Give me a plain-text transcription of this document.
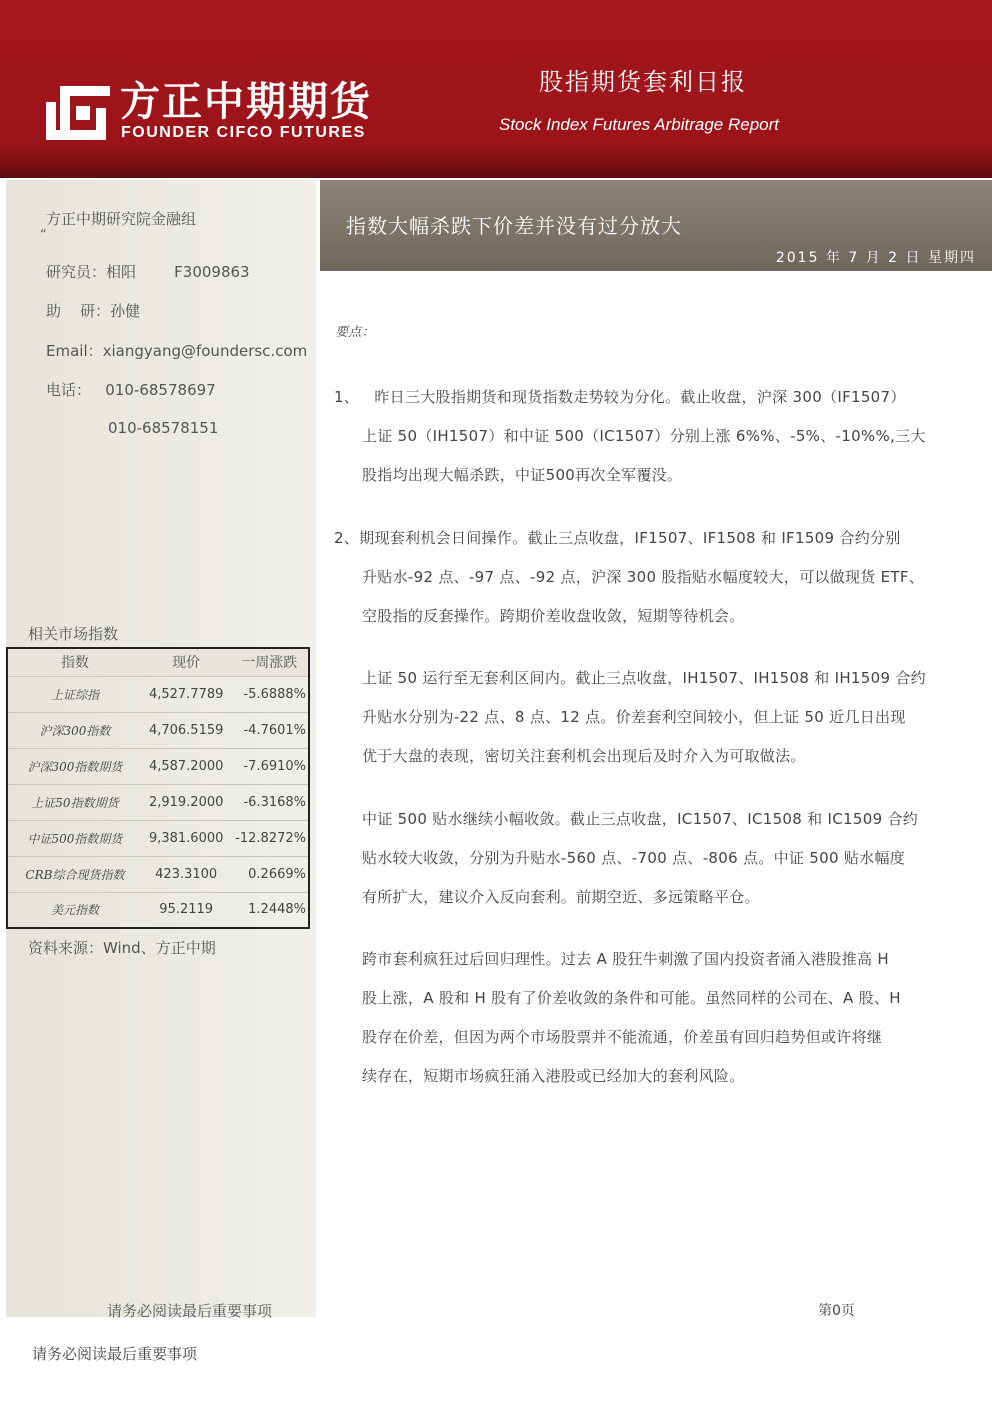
方正中期期货
FOUNDER CIFCO FUTURES
股指期货套利日报
Stock Index Futures Arbitrage Report
方正中期研究院金融组
“
研究员：相阳        F3009863
助    研：孙健
Email：xiangyang@foundersc.com
电话：   010-68578697
010-68578151
相关市场指数
指数	现价	一周涨跌
上证综指	4,527.7789	-5.6888%
沪深300指数	4,706.5159	-4.7601%
沪深300指数期货	4,587.2000	-7.6910%
上证50指数期货	2,919.2000	-6.3168%
中证500指数期货	9,381.6000	-12.8272%
CRB综合现货指数	423.3100	0.2669%
美元指数	95.2119	1.2448%
资料来源：Wind、方正中期
指数大幅杀跌下价差并没有过分放大
2015 年 7 月 2 日 星期四
要点：
1、   昨日三大股指期货和现货指数走势较为分化。截止收盘，沪深 300（IF1507）
上证 50（IH1507）和中证 500（IC1507）分别上涨 6%%、-5%、-10%%,三大
股指均出现大幅杀跌，中证500再次全军覆没。
2、期现套利机会日间操作。截止三点收盘，IF1507、IF1508 和 IF1509 合约分别
升贴水-92 点、-97 点、-92 点，沪深 300 股指贴水幅度较大，可以做现货 ETF、
空股指的反套操作。跨期价差收盘收敛，短期等待机会。
上证 50 运行至无套利区间内。截止三点收盘，IH1507、IH1508 和 IH1509 合约
升贴水分别为-22 点、8 点、12 点。价差套利空间较小，但上证 50 近几日出现
优于大盘的表现，密切关注套利机会出现后及时介入为可取做法。
中证 500 贴水继续小幅收敛。截止三点收盘，IC1507、IC1508 和 IC1509 合约
贴水较大收敛，分别为升贴水-560 点、-700 点、-806 点。中证 500 贴水幅度
有所扩大，建议介入反向套利。前期空近、多远策略平仓。
跨市套利疯狂过后回归理性。过去 A 股狂牛刺激了国内投资者涌入港股推高 H
股上涨，A 股和 H 股有了价差收敛的条件和可能。虽然同样的公司在、A 股、H
股存在价差，但因为两个市场股票并不能流通，价差虽有回归趋势但或许将继
续存在，短期市场疯狂涌入港股或已经加大的套利风险。
请务必阅读最后重要事项	第0页
请务必阅读最后重要事项
